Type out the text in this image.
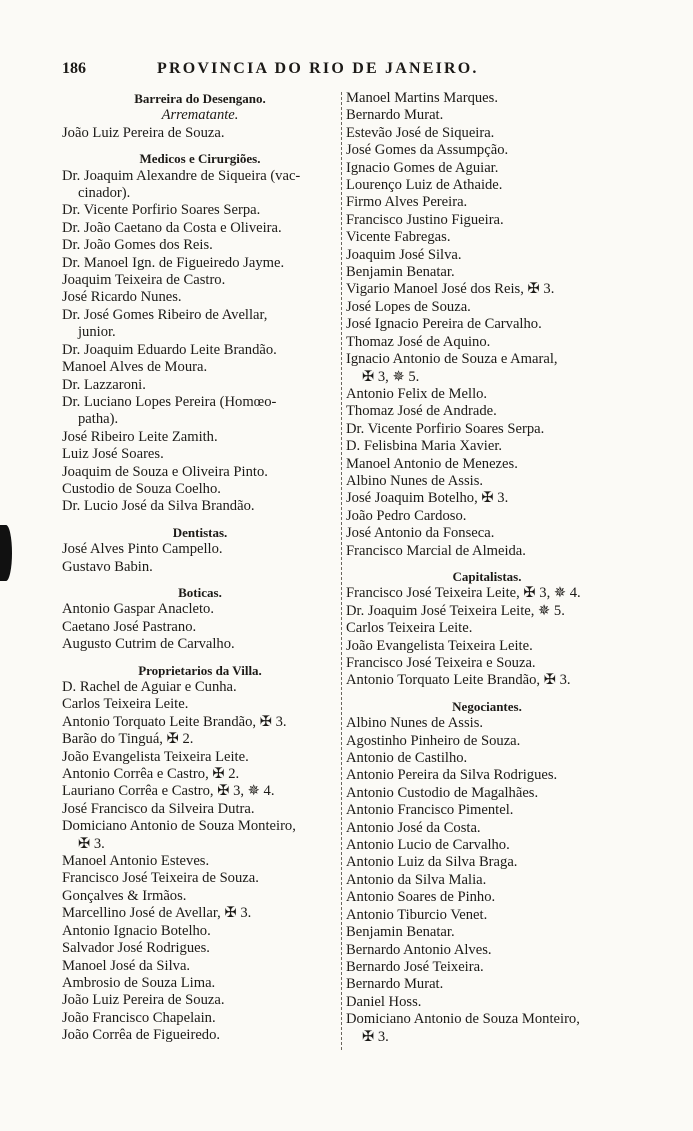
186	PROVINCIA DO RIO DE JANEIRO.
Barreira do Desengano.
Arrematante.
João Luiz Pereira de Souza.
Medicos e Cirurgiões.
Dr. Joaquim Alexandre de Siqueira (vac-
cinador).
Dr. Vicente Porfirio Soares Serpa.
Dr. João Caetano da Costa e Oliveira.
Dr. João Gomes dos Reis.
Dr. Manoel Ign. de Figueiredo Jayme.
Joaquim Teixeira de Castro.
José Ricardo Nunes.
Dr. José Gomes Ribeiro de Avellar,
junior.
Dr. Joaquim Eduardo Leite Brandão.
Manoel Alves de Moura.
Dr. Lazzaroni.
Dr. Luciano Lopes Pereira (Homœo-
patha).
José Ribeiro Leite Zamith.
Luiz José Soares.
Joaquim de Souza e Oliveira Pinto.
Custodio de Souza Coelho.
Dr. Lucio José da Silva Brandão.
Dentistas.
José Alves Pinto Campello.
Gustavo Babin.
Boticas.
Antonio Gaspar Anacleto.
Caetano José Pastrano.
Augusto Cutrim de Carvalho.
Proprietarios da Villa.
D. Rachel de Aguiar e Cunha.
Carlos Teixeira Leite.
Antonio Torquato Leite Brandão, ✠ 3.
Barão do Tinguá, ✠ 2.
João Evangelista Teixeira Leite.
Antonio Corrêa e Castro, ✠ 2.
Lauriano Corrêa e Castro, ✠ 3, ✵ 4.
José Francisco da Silveira Dutra.
Domiciano Antonio de Souza Monteiro,
✠ 3.
Manoel Antonio Esteves.
Francisco José Teixeira de Souza.
Gonçalves & Irmãos.
Marcellino José de Avellar, ✠ 3.
Antonio Ignacio Botelho.
Salvador José Rodrigues.
Manoel José da Silva.
Ambrosio de Souza Lima.
João Luiz Pereira de Souza.
João Francisco Chapelain.
João Corrêa de Figueiredo.
Manoel Martins Marques.
Bernardo Murat.
Estevão José de Siqueira.
José Gomes da Assumpção.
Ignacio Gomes de Aguiar.
Lourenço Luiz de Athaide.
Firmo Alves Pereira.
Francisco Justino Figueira.
Vicente Fabregas.
Joaquim José Silva.
Benjamin Benatar.
Vigario Manoel José dos Reis, ✠ 3.
José Lopes de Souza.
José Ignacio Pereira de Carvalho.
Thomaz José de Aquino.
Ignacio Antonio de Souza e Amaral,
✠ 3, ✵ 5.
Antonio Felix de Mello.
Thomaz José de Andrade.
Dr. Vicente Porfirio Soares Serpa.
D. Felisbina Maria Xavier.
Manoel Antonio de Menezes.
Albino Nunes de Assis.
José Joaquim Botelho, ✠ 3.
João Pedro Cardoso.
José Antonio da Fonseca.
Francisco Marcial de Almeida.
Capitalistas.
Francisco José Teixeira Leite, ✠ 3, ✵ 4.
Dr. Joaquim José Teixeira Leite, ✵ 5.
Carlos Teixeira Leite.
João Evangelista Teixeira Leite.
Francisco José Teixeira e Souza.
Antonio Torquato Leite Brandão, ✠ 3.
Negociantes.
Albino Nunes de Assis.
Agostinho Pinheiro de Souza.
Antonio de Castilho.
Antonio Pereira da Silva Rodrigues.
Antonio Custodio de Magalhães.
Antonio Francisco Pimentel.
Antonio José da Costa.
Antonio Lucio de Carvalho.
Antonio Luiz da Silva Braga.
Antonio da Silva Malia.
Antonio Soares de Pinho.
Antonio Tiburcio Venet.
Benjamin Benatar.
Bernardo Antonio Alves.
Bernardo José Teixeira.
Bernardo Murat.
Daniel Hoss.
Domiciano Antonio de Souza Monteiro,
✠ 3.
